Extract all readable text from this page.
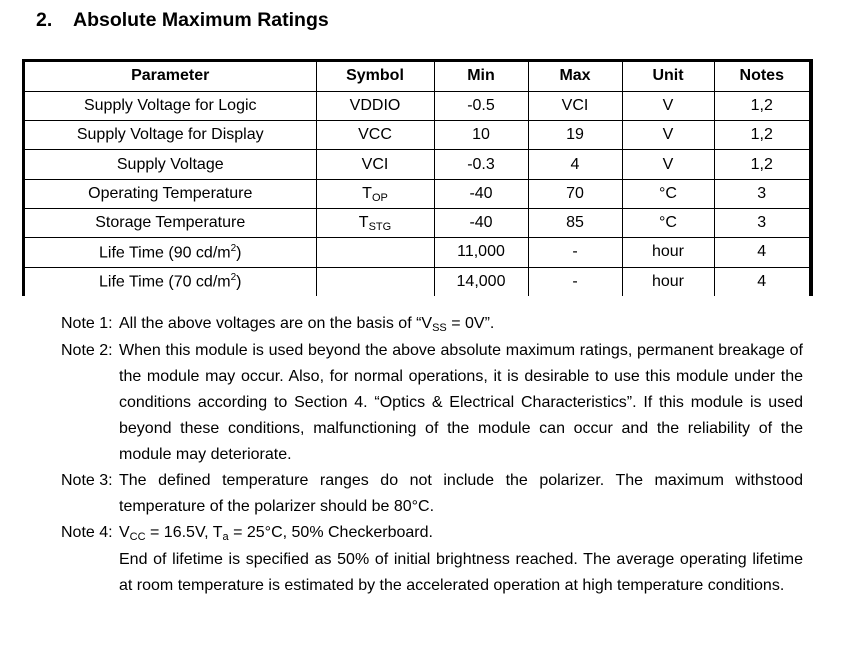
2. Absolute Maximum Ratings
Parameter	Symbol	Min	Max	Unit	Notes
Supply Voltage for Logic	VDDIO	-0.5	VCI	V	1,2
Supply Voltage for Display	VCC	10	19	V	1,2
Supply Voltage	VCI	-0.3	4	V	1,2
Operating Temperature	TOP	-40	70	°C	3
Storage Temperature	TSTG	-40	85	°C	3
Life Time (90 $cd/m^2$)		11,000	-	hour	4
Life Time (70 $cd/m^2$)		14,000	-	hour	4
Note 1: All the above voltages are on the basis of “VSS = 0V”.
Note 2: When this module is used beyond the above absolute maximum ratings, permanent breakage of the module may occur. Also, for normal operations, it is desirable to use this module under the conditions according to Section 4. “Optics & Electrical Characteristics”. If this module is used beyond these conditions, malfunctioning of the module can occur and the reliability of the module may deteriorate.
Note 3: The defined temperature ranges do not include the polarizer. The maximum withstood temperature of the polarizer should be 80°C.
Note 4: VCC = 16.5V, Ta = 25°C, 50% Checkerboard.
End of lifetime is specified as 50% of initial brightness reached. The average operating lifetime at room temperature is estimated by the accelerated operation at high temperature conditions.
